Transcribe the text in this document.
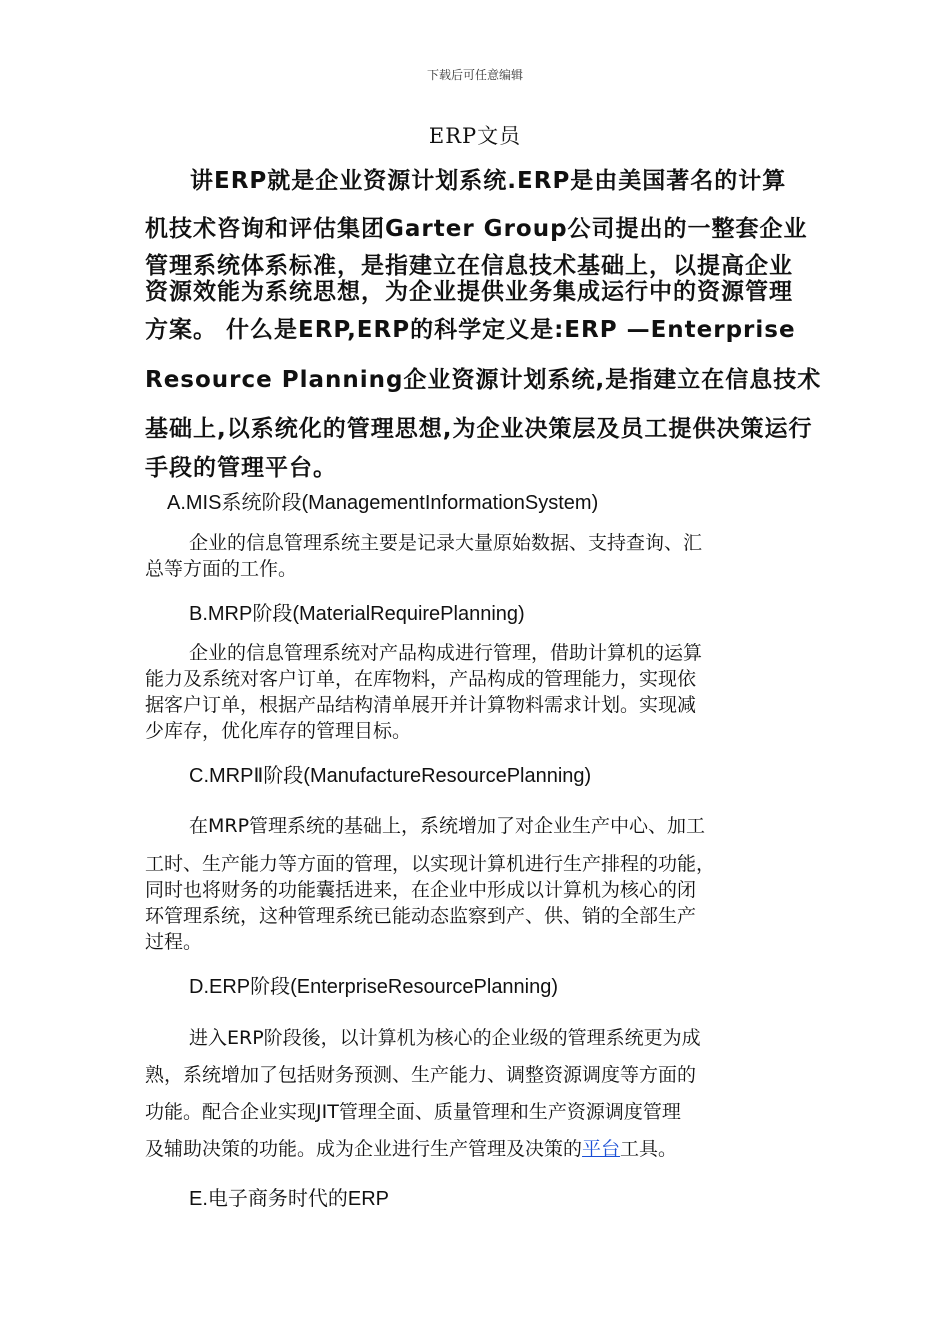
下载后可任意编辑
ERP文员
讲ERP就是企业资源计划系统.ERP是由美国著名的计算
机技术咨询和评估集团Garter Group公司提出的一整套企业
管理系统体系标准，是指建立在信息技术基础上，以提高企业
资源效能为系统思想，为企业提供业务集成运行中的资源管理
方案。 什么是ERP,ERP的科学定义是:ERP —Enterprise
Resource Planning企业资源计划系统,是指建立在信息技术
基础上,以系统化的管理思想,为企业决策层及员工提供决策运行
手段的管理平台。
A.MIS系统阶段(ManagementInformationSystem)
企业的信息管理系统主要是记录大量原始数据、支持查询、汇
总等方面的工作。
B.MRP阶段(MaterialRequirePlanning)
企业的信息管理系统对产品构成进行管理，借助计算机的运算
能力及系统对客户订单，在库物料，产品构成的管理能力，实现依
据客户订单，根据产品结构清单展开并计算物料需求计划。实现减
少库存，优化库存的管理目标。
C.MRPⅡ阶段(ManufactureResourcePlanning)
在MRP管理系统的基础上，系统增加了对企业生产中心、加工
工时、生产能力等方面的管理，以实现计算机进行生产排程的功能，
同时也将财务的功能囊括进来，在企业中形成以计算机为核心的闭
环管理系统，这种管理系统已能动态监察到产、供、销的全部生产
过程。
D.ERP阶段(EnterpriseResourcePlanning)
进入ERP阶段後，以计算机为核心的企业级的管理系统更为成
熟，系统增加了包括财务预测、生产能力、调整资源调度等方面的
功能。配合企业实现JIT管理全面、质量管理和生产资源调度管理
及辅助决策的功能。成为企业进行生产管理及决策的平台工具。
E.电子商务时代的ERP
